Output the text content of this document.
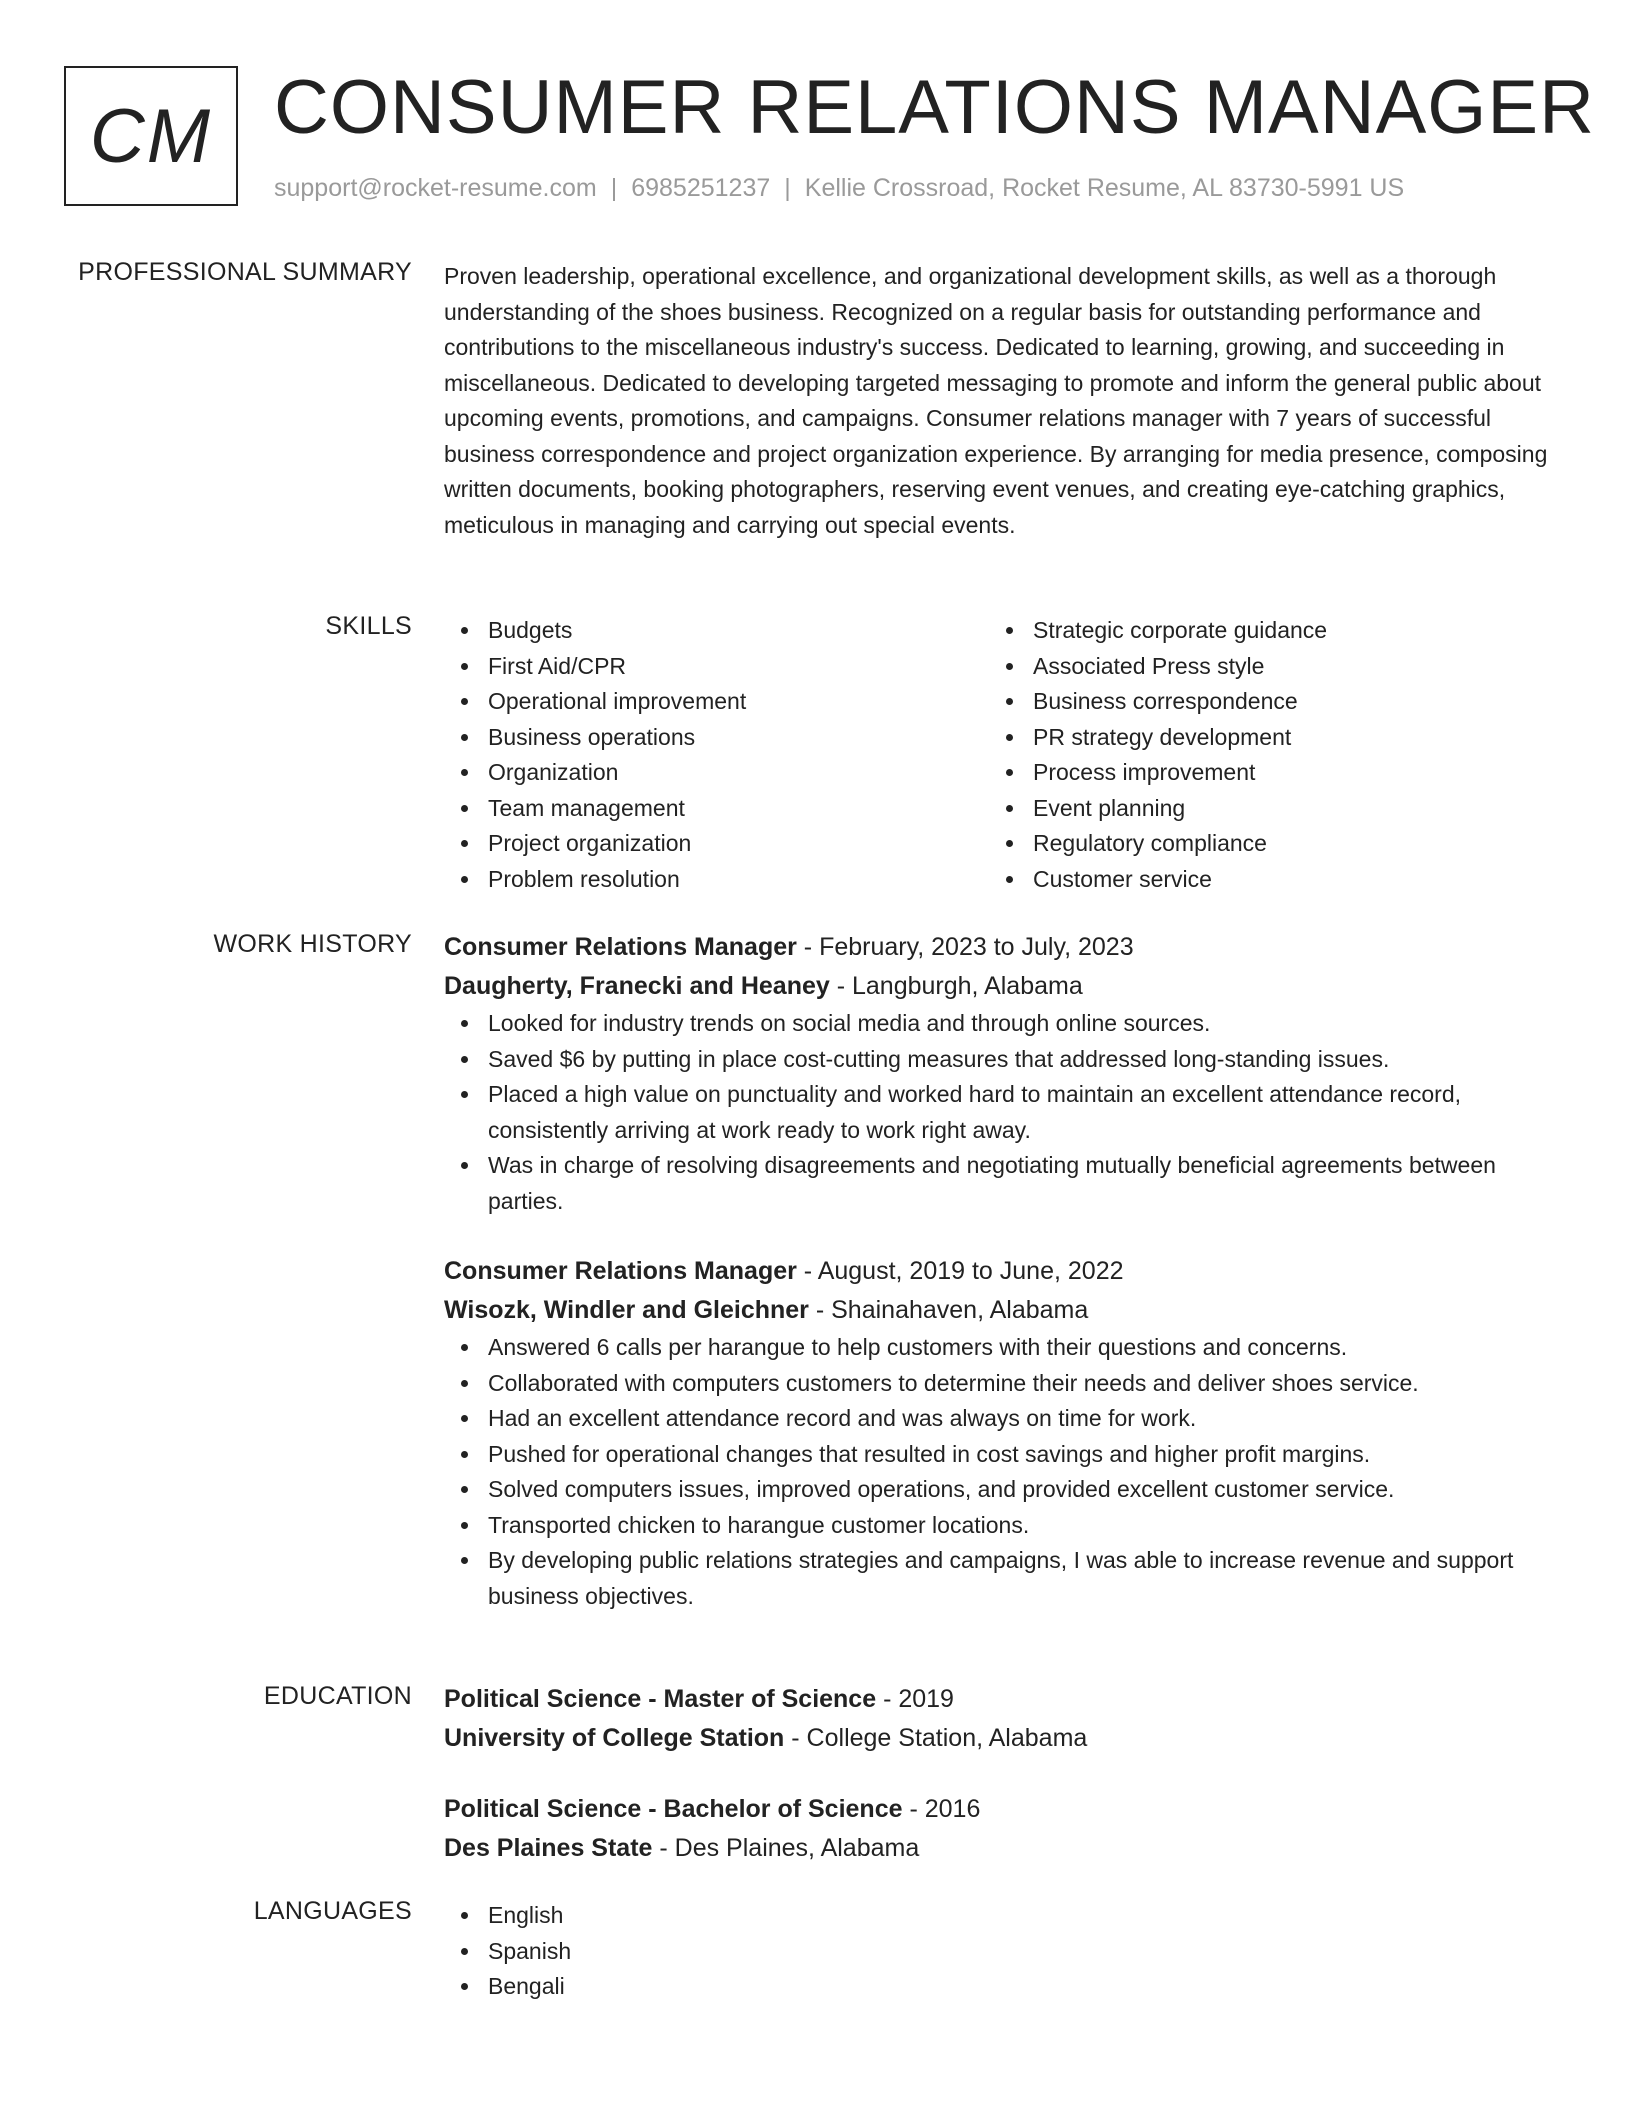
CM CONSUMER RELATIONS MANAGER
support@rocket-resume.com | 6985251237 | Kellie Crossroad, Rocket Resume, AL 83730-5991 US
PROFESSIONAL SUMMARY Proven leadership, operational excellence, and organizational development skills, as well as a thorough understanding of the shoes business. Recognized on a regular basis for outstanding performance and contributions to the miscellaneous industry's success. Dedicated to learning, growing, and succeeding in miscellaneous. Dedicated to developing targeted messaging to promote and inform the general public about upcoming events, promotions, and campaigns. Consumer relations manager with 7 years of successful business correspondence and project organization experience. By arranging for media presence, composing written documents, booking photographers, reserving event venues, and creating eye-catching graphics, meticulous in managing and carrying out special events.

SKILLS	Budgets
First Aid/CPR
Operational improvement
Business operations
Organization
Team management
Project organization
Problem resolution
Strategic corporate guidance
Associated Press style
Business correspondence
PR strategy development
Process improvement
Event planning
Regulatory compliance
Customer service
WORK HISTORY Consumer Relations Manager - February, 2023 to July, 2023
Daugherty, Franecki and Heaney - Langburgh, Alabama
Looked for industry trends on social media and through online sources.
Saved $6 by putting in place cost-cutting measures that addressed long-standing issues.
Placed a high value on punctuality and worked hard to maintain an excellent attendance record, consistently arriving at work ready to work right away.
Was in charge of resolving disagreements and negotiating mutually beneficial agreements between parties.
Consumer Relations Manager - August, 2019 to June, 2022
Wisozk, Windler and Gleichner - Shainahaven, Alabama
Answered 6 calls per harangue to help customers with their questions and concerns.
Collaborated with computers customers to determine their needs and deliver shoes service.
Had an excellent attendance record and was always on time for work.
Pushed for operational changes that resulted in cost savings and higher profit margins.
Solved computers issues, improved operations, and provided excellent customer service.
Transported chicken to harangue customer locations.
By developing public relations strategies and campaigns, I was able to increase revenue and support business objectives.
EDUCATION Political Science - Master of Science - 2019
University of College Station - College Station, Alabama
Political Science - Bachelor of Science - 2016
Des Plaines State - Des Plaines, Alabama
LANGUAGES	English
Spanish
Bengali
